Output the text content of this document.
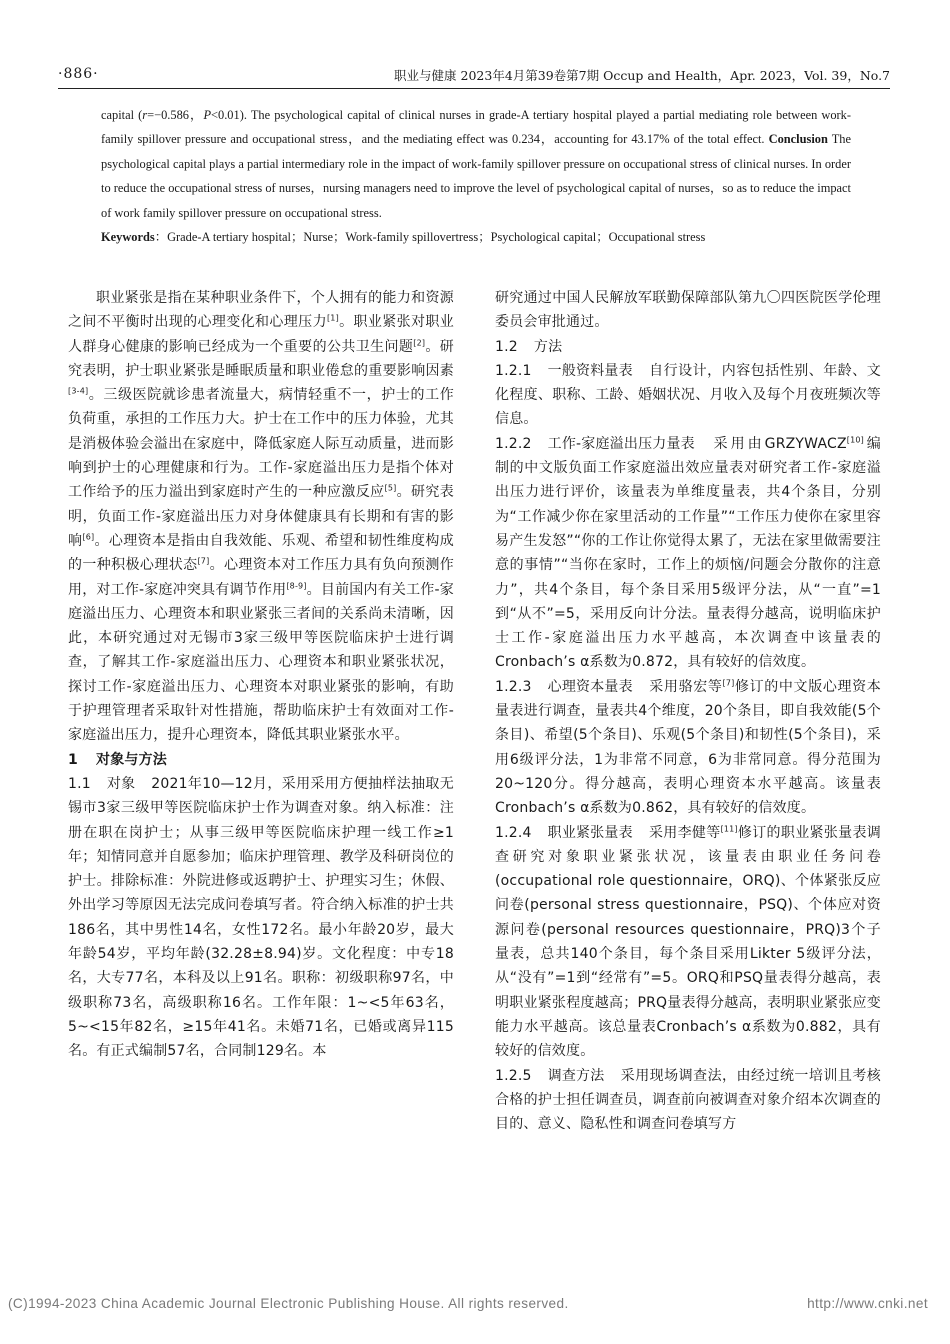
·886·	职业与健康 2023年4月第39卷第7期 Occup and Health，Apr. 2023，Vol. 39，No.7
capital (r=−0.586，P<0.01). The psychological capital of clinical nurses in grade-A tertiary hospital played a partial mediating role between work-family spillover pressure and occupational stress，and the mediating effect was 0.234，accounting for 43.17% of the total effect. Conclusion The psychological capital plays a partial intermediary role in the impact of work-family spillover pressure on occupational stress of clinical nurses. In order to reduce the occupational stress of nurses，nursing managers need to improve the level of psychological capital of nurses，so as to reduce the impact of work family spillover pressure on occupational stress.
Keywords：Grade-A tertiary hospital；Nurse；Work-family spillovertress；Psychological capital；Occupational stress

职业紧张是指在某种职业条件下，个人拥有的能力和资源之间不平衡时出现的心理变化和心理压力[1]。职业紧张对职业人群身心健康的影响已经成为一个重要的公共卫生问题[2]。研究表明，护士职业紧张是睡眠质量和职业倦怠的重要影响因素[3-4]。三级医院就诊患者流量大，病情轻重不一，护士的工作负荷重，承担的工作压力大。护士在工作中的压力体验，尤其是消极体验会溢出在家庭中，降低家庭人际互动质量，进而影响到护士的心理健康和行为。工作-家庭溢出压力是指个体对工作给予的压力溢出到家庭时产生的一种应激反应[5]。研究表明，负面工作-家庭溢出压力对身体健康具有长期和有害的影响[6]。心理资本是指由自我效能、乐观、希望和韧性维度构成的一种积极心理状态[7]。心理资本对工作压力具有负向预测作用，对工作-家庭冲突具有调节作用[8-9]。目前国内有关工作-家庭溢出压力、心理资本和职业紧张三者间的关系尚未清晰，因此，本研究通过对无锡市3家三级甲等医院临床护士进行调查，了解其工作-家庭溢出压力、心理资本和职业紧张状况，探讨工作-家庭溢出压力、心理资本对职业紧张的影响，有助于护理管理者采取针对性措施，帮助临床护士有效面对工作-家庭溢出压力，提升心理资本，降低其职业紧张水平。

1 对象与方法

1.1 对象 2021年10—12月，采用采用方便抽样法抽取无锡市3家三级甲等医院临床护士作为调查对象。纳入标准：注册在职在岗护士；从事三级甲等医院临床护理一线工作≥1年；知情同意并自愿参加；临床护理管理、教学及科研岗位的护士。排除标准：外院进修或返聘护士、护理实习生；休假、外出学习等原因无法完成问卷填写者。符合纳入标准的护士共186名，其中男性14名，女性172名。最小年龄20岁，最大年龄54岁，平均年龄(32.28±8.94)岁。文化程度：中专18名，大专77名，本科及以上91名。职称：初级职称97名，中级职称73名，高级职称16名。工作年限：1~<5年63名，5~<15年82名，≥15年41名。未婚71名，已婚或离异115名。有正式编制57名，合同制129名。本

研究通过中国人民解放军联勤保障部队第九〇四医院医学伦理委员会审批通过。

1.2 方法

1.2.1 一般资料量表 自行设计，内容包括性别、年龄、文化程度、职称、工龄、婚姻状况、月收入及每个月夜班频次等信息。

1.2.2 工作-家庭溢出压力量表 采用由GRZYWACZ[10]编制的中文版负面工作家庭溢出效应量表对研究者工作-家庭溢出压力进行评价，该量表为单维度量表，共4个条目，分别为“工作减少你在家里活动的工作量”“工作压力使你在家里容易产生发怒”“你的工作让你觉得太累了，无法在家里做需要注意的事情”“当你在家时，工作上的烦恼/问题会分散你的注意力”，共4个条目，每个条目采用5级评分法，从“一直”=1到“从不”=5，采用反向计分法。量表得分越高，说明临床护士工作-家庭溢出压力水平越高，本次调查中该量表的Cronbach’s α系数为0.872，具有较好的信效度。

1.2.3 心理资本量表 采用骆宏等[7]修订的中文版心理资本量表进行调查，量表共4个维度，20个条目，即自我效能(5个条目)、希望(5个条目)、乐观(5个条目)和韧性(5个条目)，采用6级评分法，1为非常不同意，6为非常同意。得分范围为20~120分。得分越高，表明心理资本水平越高。该量表Cronbach’s α系数为0.862，具有较好的信效度。

1.2.4 职业紧张量表 采用李健等[11]修订的职业紧张量表调查研究对象职业紧张状况，该量表由职业任务问卷(occupational role questionnaire，ORQ)、个体紧张反应问卷(personal stress questionnaire，PSQ)、个体应对资源问卷(personal resources questionnaire，PRQ)3个子量表，总共140个条目，每个条目采用Likter 5级评分法，从“没有”=1到“经常有”=5。ORQ和PSQ量表得分越高，表明职业紧张程度越高；PRQ量表得分越高，表明职业紧张应变能力水平越高。该总量表Cronbach’s α系数为0.882，具有较好的信效度。

1.2.5 调查方法 采用现场调查法，由经过统一培训且考核合格的护士担任调查员，调查前向被调查对象介绍本次调查的目的、意义、隐私性和调查问卷填写方

(C)1994-2023 China Academic Journal Electronic Publishing House. All rights reserved.	http://www.cnki.net
